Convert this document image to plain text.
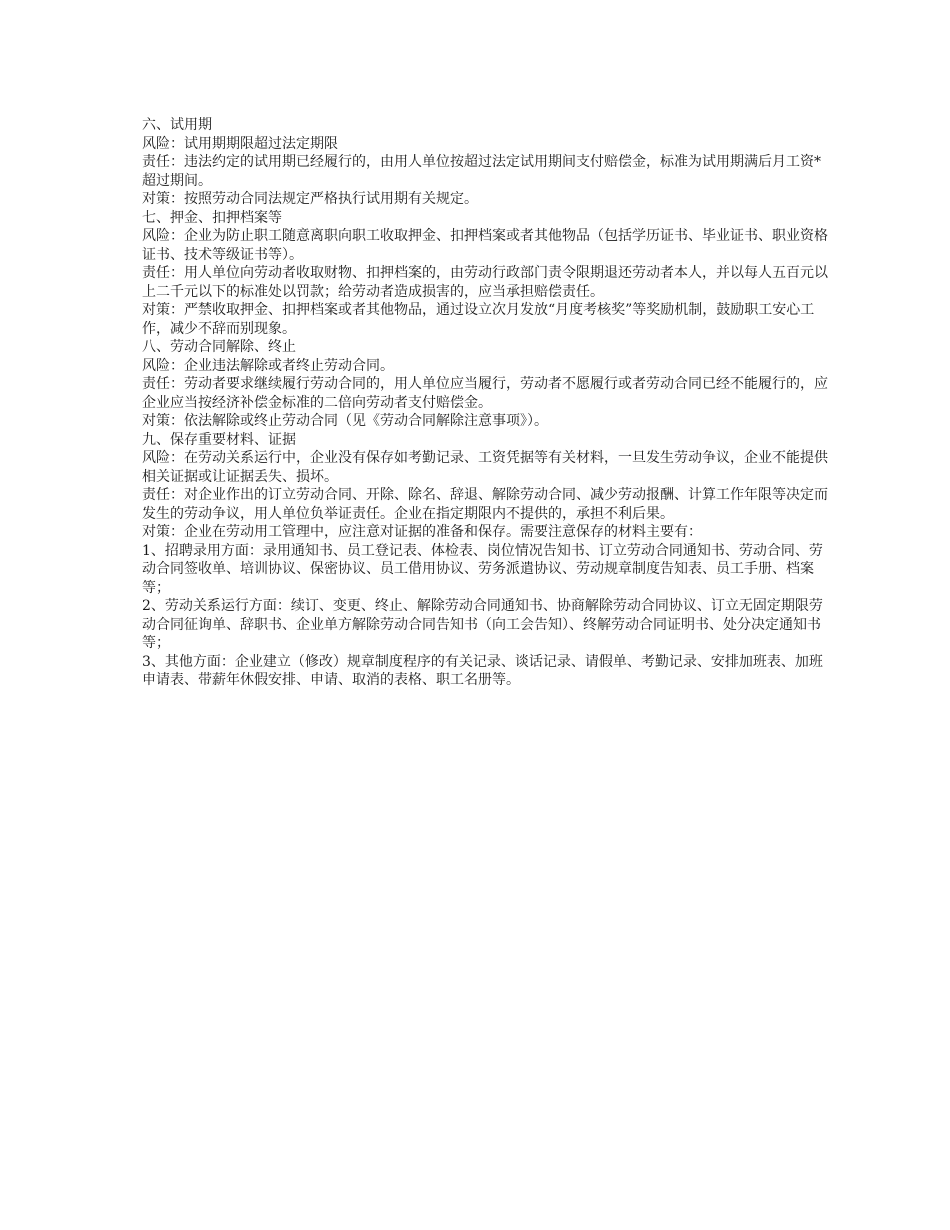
六、试用期

风险：试用期期限超过法定期限

责任：违法约定的试用期已经履行的，由用人单位按超过法定试用期间支付赔偿金，标准为试用期满后月工资*超过期间。

对策：按照劳动合同法规定严格执行试用期有关规定。

七、押金、扣押档案等

风险：企业为防止职工随意离职向职工收取押金、扣押档案或者其他物品（包括学历证书、毕业证书、职业资格证书、技术等级证书等）。

责任：用人单位向劳动者收取财物、扣押档案的，由劳动行政部门责令限期退还劳动者本人，并以每人五百元以上二千元以下的标准处以罚款；给劳动者造成损害的，应当承担赔偿责任。

对策：严禁收取押金、扣押档案或者其他物品，通过设立次月发放“月度考核奖”等奖励机制，鼓励职工安心工作，减少不辞而别现象。

八、劳动合同解除、终止

风险：企业违法解除或者终止劳动合同。

责任：劳动者要求继续履行劳动合同的，用人单位应当履行，劳动者不愿履行或者劳动合同已经不能履行的，应企业应当按经济补偿金标准的二倍向劳动者支付赔偿金。

对策：依法解除或终止劳动合同（见《劳动合同解除注意事项》）。

九、保存重要材料、证据

风险：在劳动关系运行中，企业没有保存如考勤记录、工资凭据等有关材料，一旦发生劳动争议，企业不能提供相关证据或让证据丢失、损坏。

责任：对企业作出的订立劳动合同、开除、除名、辞退、解除劳动合同、减少劳动报酬、计算工作年限等决定而发生的劳动争议，用人单位负举证责任。企业在指定期限内不提供的，承担不利后果。

对策：企业在劳动用工管理中，应注意对证据的准备和保存。需要注意保存的材料主要有：

1、招聘录用方面：录用通知书、员工登记表、体检表、岗位情况告知书、订立劳动合同通知书、劳动合同、劳动合同签收单、培训协议、保密协议、员工借用协议、劳务派遣协议、劳动规章制度告知表、员工手册、档案等；

2、劳动关系运行方面：续订、变更、终止、解除劳动合同通知书、协商解除劳动合同协议、订立无固定期限劳动合同征询单、辞职书、企业单方解除劳动合同告知书（向工会告知）、终解劳动合同证明书、处分决定通知书等；

3、其他方面：企业建立（修改）规章制度程序的有关记录、谈话记录、请假单、考勤记录、安排加班表、加班申请表、带薪年休假安排、申请、取消的表格、职工名册等。
